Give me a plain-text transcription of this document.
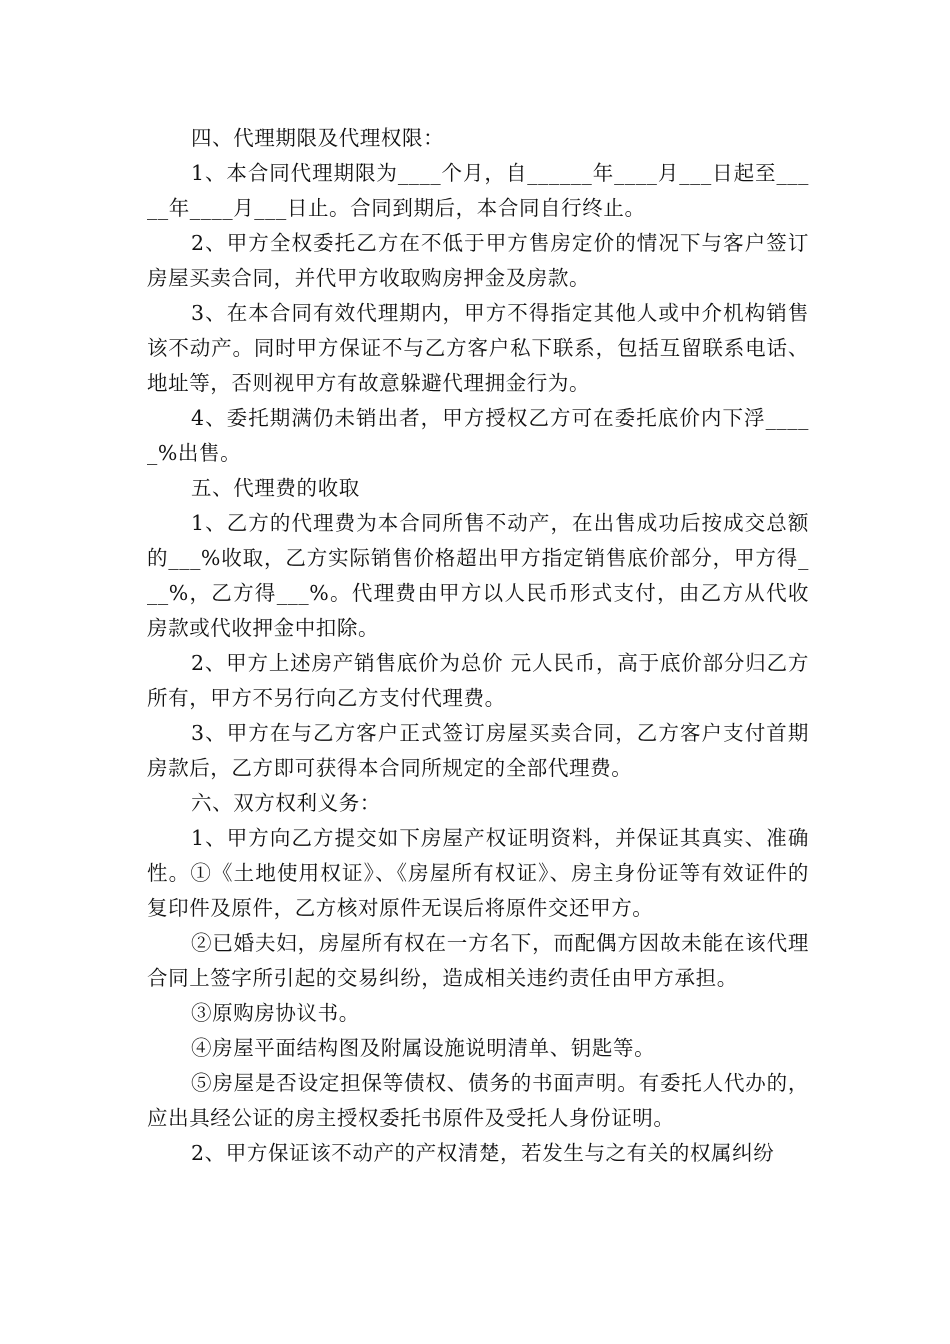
四、代理期限及代理权限：

1、本合同代理期限为____个月，自______年____月___日起至_____年____月___日止。合同到期后，本合同自行终止。

2、甲方全权委托乙方在不低于甲方售房定价的情况下与客户签订房屋买卖合同，并代甲方收取购房押金及房款。

3、在本合同有效代理期内，甲方不得指定其他人或中介机构销售该不动产。同时甲方保证不与乙方客户私下联系，包括互留联系电话、地址等，否则视甲方有故意躲避代理拥金行为。

4、委托期满仍未销出者，甲方授权乙方可在委托底价内下浮_____%出售。

五、代理费的收取

1、乙方的代理费为本合同所售不动产，在出售成功后按成交总额的___%收取，乙方实际销售价格超出甲方指定销售底价部分，甲方得___%，乙方得___%。代理费由甲方以人民币形式支付，由乙方从代收房款或代收押金中扣除。

2、甲方上述房产销售底价为总价 元人民币，高于底价部分归乙方所有，甲方不另行向乙方支付代理费。

3、甲方在与乙方客户正式签订房屋买卖合同，乙方客户支付首期房款后，乙方即可获得本合同所规定的全部代理费。

六、双方权利义务：

1、甲方向乙方提交如下房屋产权证明资料，并保证其真实、准确性。①《土地使用权证》、《房屋所有权证》、房主身份证等有效证件的复印件及原件，乙方核对原件无误后将原件交还甲方。

②已婚夫妇，房屋所有权在一方名下，而配偶方因故未能在该代理合同上签字所引起的交易纠纷，造成相关违约责任由甲方承担。

③原购房协议书。

④房屋平面结构图及附属设施说明清单、钥匙等。

⑤房屋是否设定担保等债权、债务的书面声明。有委托人代办的，应出具经公证的房主授权委托书原件及受托人身份证明。

2、甲方保证该不动产的产权清楚，若发生与之有关的权属纠纷
